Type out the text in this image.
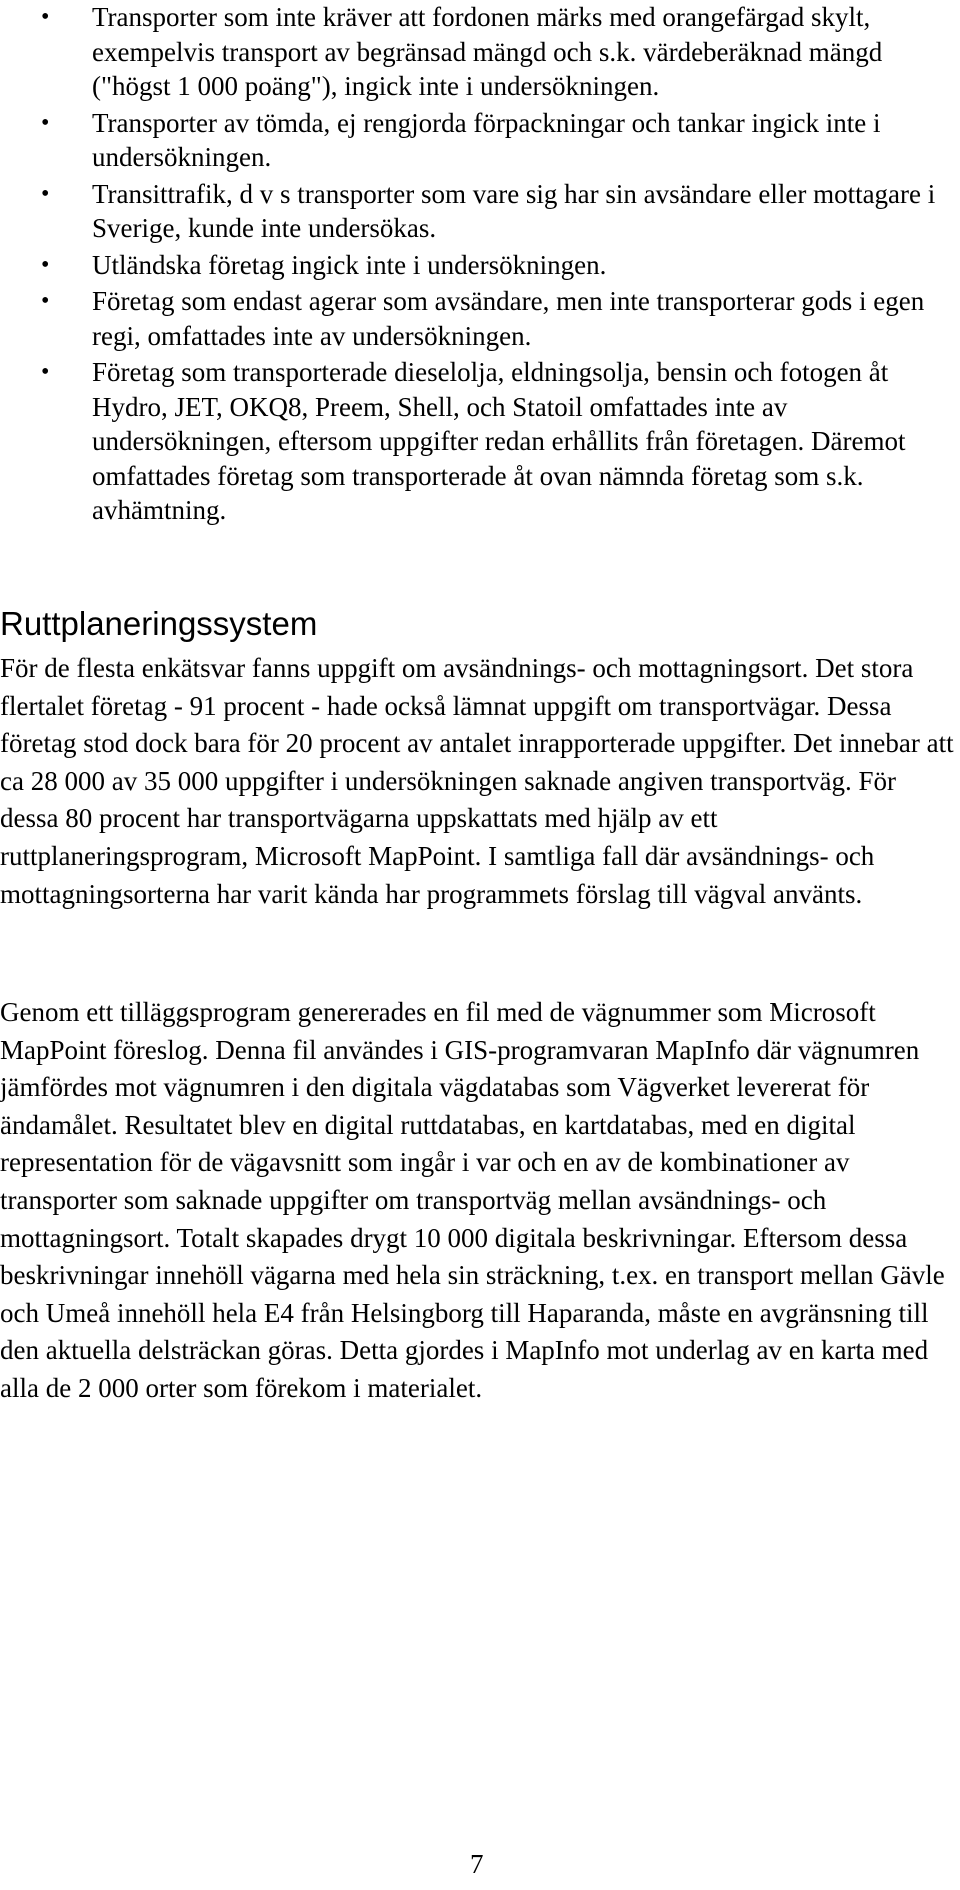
• Transporter som inte kräver att fordonen märks med orangefärgad skylt, exempelvis transport av begränsad mängd och s.k. värdeberäknad mängd ("högst 1 000 poäng"), ingick inte i undersökningen.
• Transporter av tömda, ej rengjorda förpackningar och tankar ingick inte i undersökningen.
• Transittrafik, d v s transporter som vare sig har sin avsändare eller mottagare i Sverige, kunde inte undersökas.
• Utländska företag ingick inte i undersökningen.
• Företag som endast agerar som avsändare, men inte transporterar gods i egen regi, omfattades inte av undersökningen.
• Företag som transporterade dieselolja, eldningsolja, bensin och fotogen åt Hydro, JET, OKQ8, Preem, Shell, och Statoil omfattades inte av undersökningen, eftersom uppgifter redan erhållits från företagen. Däremot omfattades företag som transporterade åt ovan nämnda företag som s.k. avhämtning.
Ruttplaneringssystem

För de flesta enkätsvar fanns uppgift om avsändnings- och mottagningsort. Det stora flertalet företag - 91 procent - hade också lämnat uppgift om transportvägar. Dessa företag stod dock bara för 20 procent av antalet inrapporterade uppgifter. Det innebar att ca 28 000 av 35 000 uppgifter i undersökningen saknade angiven transportväg. För dessa 80 procent har transportvägarna uppskattats med hjälp av ett ruttplaneringsprogram, Microsoft MapPoint. I samtliga fall där avsändnings- och mottagningsorterna har varit kända har programmets förslag till vägval använts.

Genom ett tilläggsprogram genererades en fil med de vägnummer som Microsoft MapPoint föreslog. Denna fil användes i GIS-programvaran MapInfo där vägnumren jämfördes mot vägnumren i den digitala vägdatabas som Vägverket levererat för ändamålet. Resultatet blev en digital ruttdatabas, en kartdatabas, med en digital representation för de vägavsnitt som ingår i var och en av de kombinationer av transporter som saknade uppgifter om transportväg mellan avsändnings- och mottagningsort. Totalt skapades drygt 10 000 digitala beskrivningar. Eftersom dessa beskrivningar innehöll vägarna med hela sin sträckning, t.ex. en transport mellan Gävle och Umeå innehöll hela E4 från Helsingborg till Haparanda, måste en avgränsning till den aktuella delsträckan göras. Detta gjordes i MapInfo mot underlag av en karta med alla de 2 000 orter som förekom i materialet.

7
